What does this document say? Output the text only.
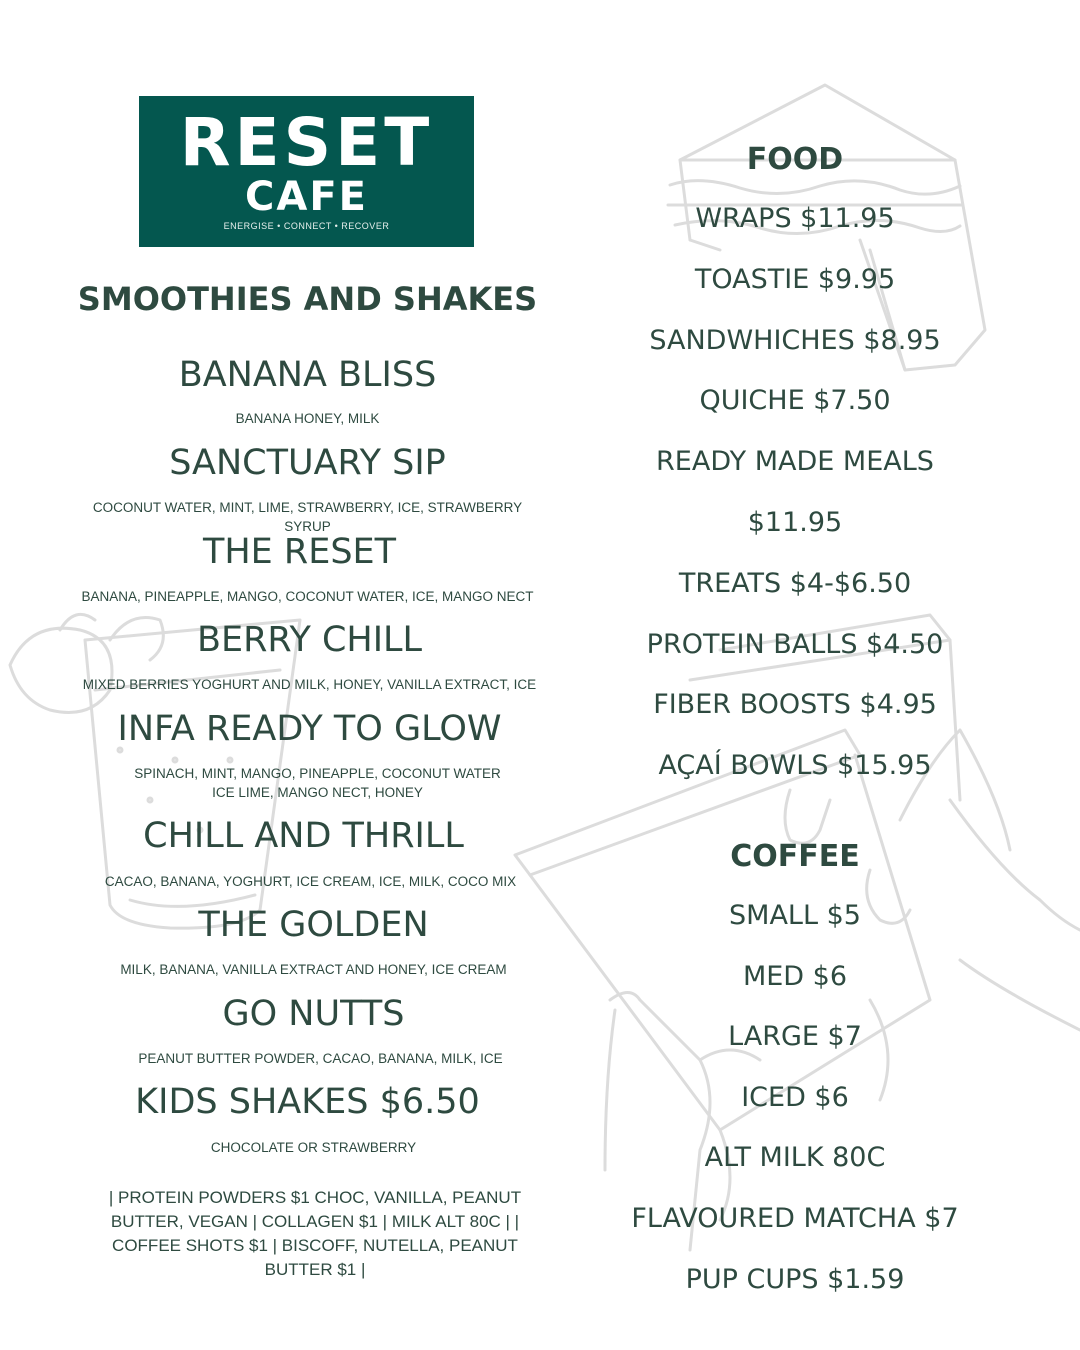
RESET
CAFE
ENERGISE • CONNECT • RECOVER
SMOOTHIES AND SHAKES
BANANA BLISS
BANANA HONEY, MILK
SANCTUARY SIP
COCONUT WATER, MINT, LIME, STRAWBERRY, ICE, STRAWBERRY SYRUP
THE RESET
BANANA, PINEAPPLE, MANGO, COCONUT WATER, ICE, MANGO NECT
BERRY CHILL
MIXED BERRIES YOGHURT AND MILK, HONEY, VANILLA EXTRACT, ICE
INFA READY TO GLOW
SPINACH, MINT, MANGO, PINEAPPLE, COCONUT WATER
ICE LIME, MANGO NECT, HONEY
CHILL AND THRILL
CACAO, BANANA, YOGHURT, ICE CREAM, ICE, MILK, COCO MIX
THE GOLDEN
MILK, BANANA, VANILLA EXTRACT AND HONEY, ICE CREAM
GO NUTTS
PEANUT BUTTER POWDER, CACAO, BANANA, MILK, ICE
KIDS SHAKES $6.50
CHOCOLATE OR STRAWBERRY
| PROTEIN POWDERS $1 CHOC, VANILLA, PEANUT BUTTER, VEGAN | COLLAGEN $1 | MILK ALT 80C | | COFFEE SHOTS $1 | BISCOFF, NUTELLA, PEANUT BUTTER $1 |
FOOD
WRAPS $11.95
TOASTIE $9.95
SANDWHICHES $8.95
QUICHE $7.50
READY MADE MEALS
$11.95
TREATS $4-$6.50
PROTEIN BALLS $4.50
FIBER BOOSTS $4.95
AÇAÍ BOWLS $15.95
COFFEE
SMALL $5
MED $6
LARGE $7
ICED $6
ALT MILK 80C
FLAVOURED MATCHA $7
PUP CUPS $1.59
